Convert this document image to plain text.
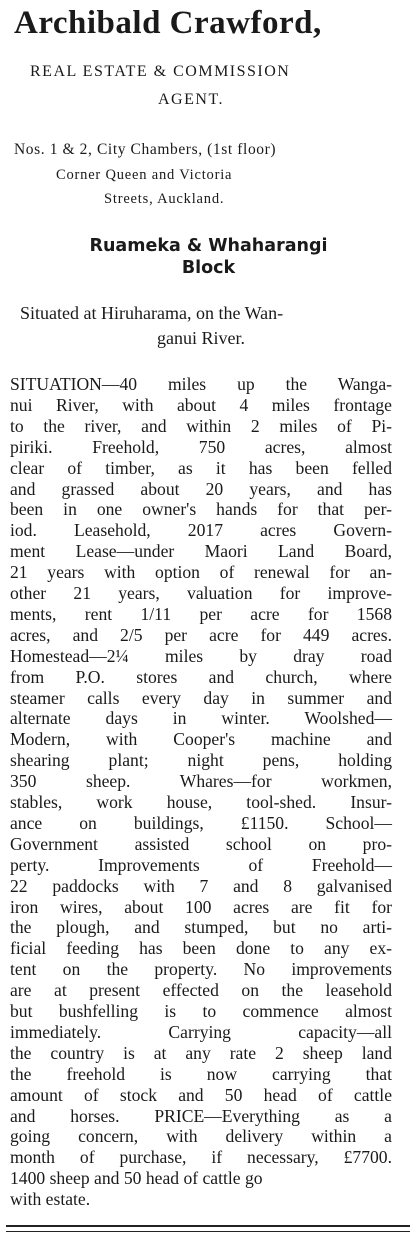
Archibald Crawford,
REAL ESTATE & COMMISSION
AGENT.
Nos. 1 & 2, City Chambers, (1st floor)
Corner Queen and Victoria
Streets, Auckland.
Ruameka & Whaharangi
Block
Situated at Hiruharama, on the Wan-
ganui River.
SITUATION—40 miles up the Wanga-
nui River, with about 4 miles frontage
to the river, and within 2 miles of Pi-
piriki. Freehold, 750 acres, almost
clear of timber, as it has been felled
and grassed about 20 years, and has
been in one owner's hands for that per-
iod. Leasehold, 2017 acres Govern-
ment Lease—under Maori Land Board,
21 years with option of renewal for an-
other 21 years, valuation for improve-
ments, rent 1/11 per acre for 1568
acres, and 2/5 per acre for 449 acres.
Homestead—2¼ miles by dray road
from P.O. stores and church, where
steamer calls every day in summer and
alternate days in winter. Woolshed—
Modern, with Cooper's machine and
shearing plant; night pens, holding
350 sheep. Whares—for workmen,
stables, work house, tool-shed. Insur-
ance on buildings, £1150. School—
Government assisted school on pro-
perty. Improvements of Freehold—
22 paddocks with 7 and 8 galvanised
iron wires, about 100 acres are fit for
the plough, and stumped, but no arti-
ficial feeding has been done to any ex-
tent on the property. No improvements
are at present effected on the leasehold
but bushfelling is to commence almost
immediately. Carrying capacity—all
the country is at any rate 2 sheep land
the freehold is now carrying that
amount of stock and 50 head of cattle
and horses. PRICE—Everything as a
going concern, with delivery within a
month of purchase, if necessary, £7700.
1400 sheep and 50 head of cattle go
with estate.
